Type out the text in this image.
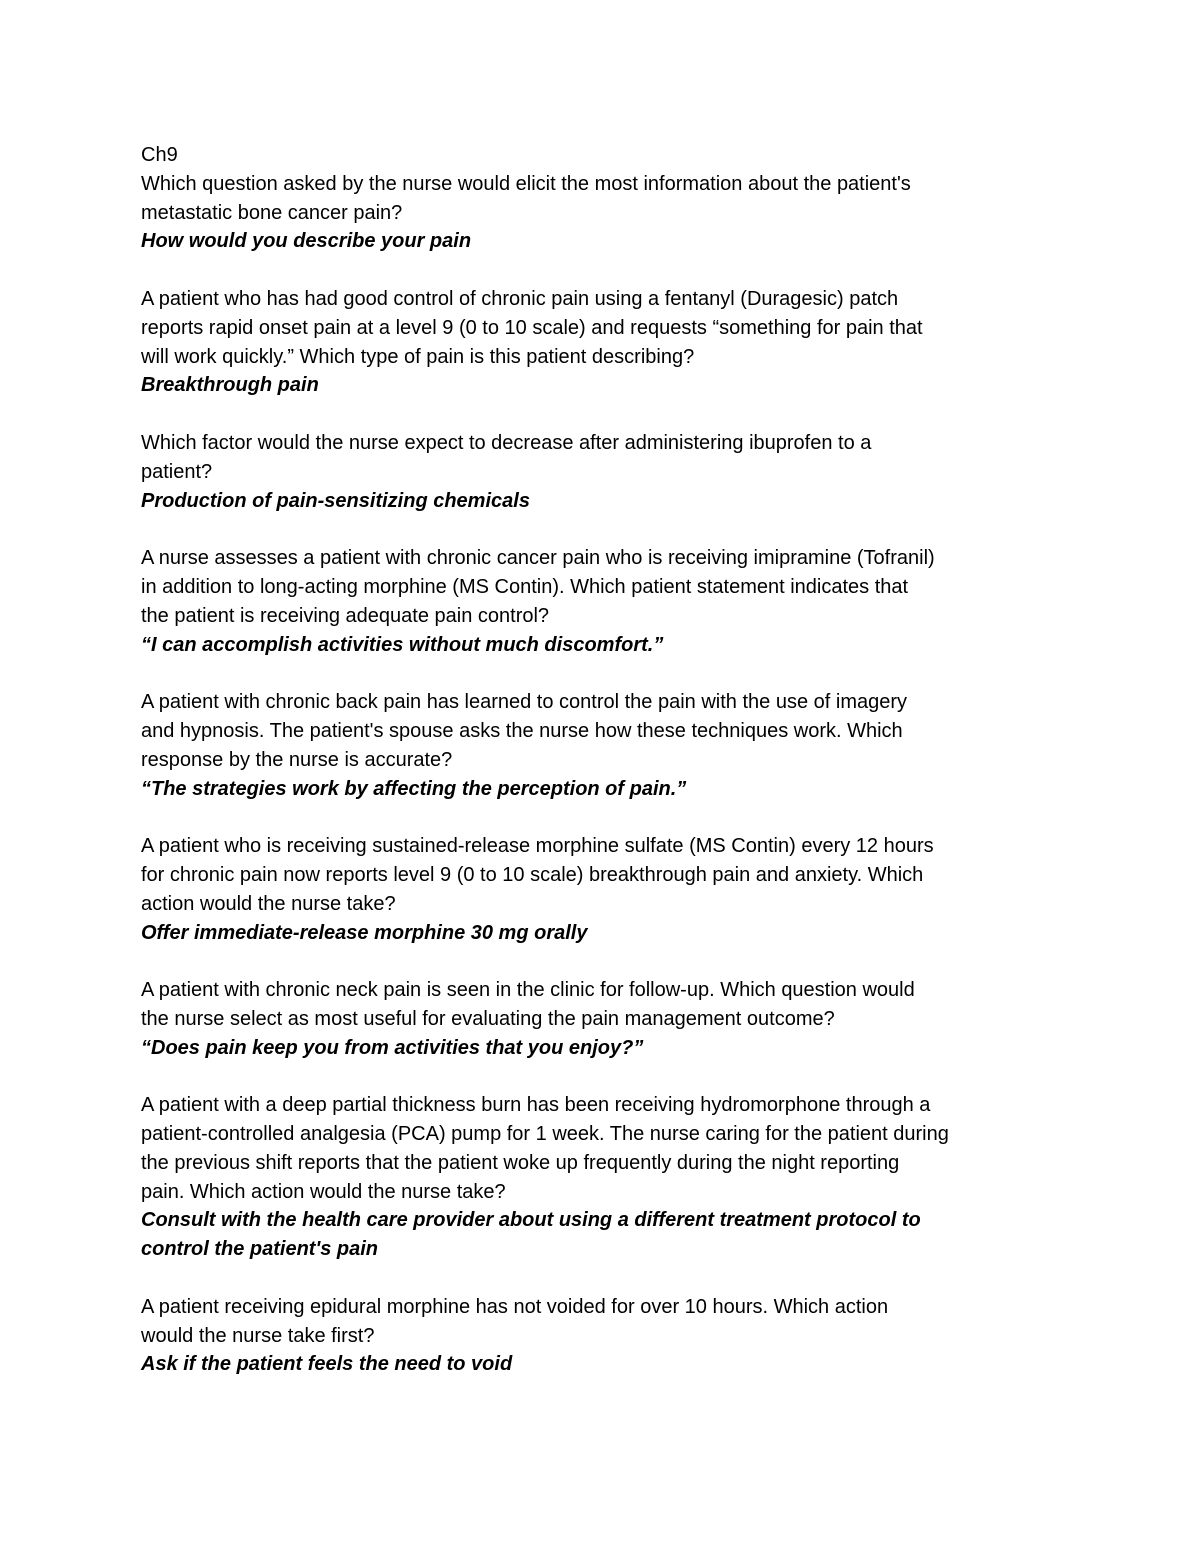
Ch9

Which question asked by the nurse would elicit the most information about the patient's
metastatic bone cancer pain?

How would you describe your pain

A patient who has had good control of chronic pain using a fentanyl (Duragesic) patch
reports rapid onset pain at a level 9 (0 to 10 scale) and requests “something for pain that
will work quickly.” Which type of pain is this patient describing?

Breakthrough pain

Which factor would the nurse expect to decrease after administering ibuprofen to a
patient?

Production of pain-sensitizing chemicals

A nurse assesses a patient with chronic cancer pain who is receiving imipramine (Tofranil)
in addition to long-acting morphine (MS Contin). Which patient statement indicates that
the patient is receiving adequate pain control?

“I can accomplish activities without much discomfort.”

A patient with chronic back pain has learned to control the pain with the use of imagery
and hypnosis. The patient's spouse asks the nurse how these techniques work. Which
response by the nurse is accurate?

“The strategies work by affecting the perception of pain.”

A patient who is receiving sustained-release morphine sulfate (MS Contin) every 12 hours
for chronic pain now reports level 9 (0 to 10 scale) breakthrough pain and anxiety. Which
action would the nurse take?

Offer immediate-release morphine 30 mg orally

A patient with chronic neck pain is seen in the clinic for follow-up. Which question would
the nurse select as most useful for evaluating the pain management outcome?

“Does pain keep you from activities that you enjoy?”

A patient with a deep partial thickness burn has been receiving hydromorphone through a
patient-controlled analgesia (PCA) pump for 1 week. The nurse caring for the patient during
the previous shift reports that the patient woke up frequently during the night reporting
pain. Which action would the nurse take?

Consult with the health care provider about using a different treatment protocol to
control the patient's pain

A patient receiving epidural morphine has not voided for over 10 hours. Which action
would the nurse take first?

Ask if the patient feels the need to void
